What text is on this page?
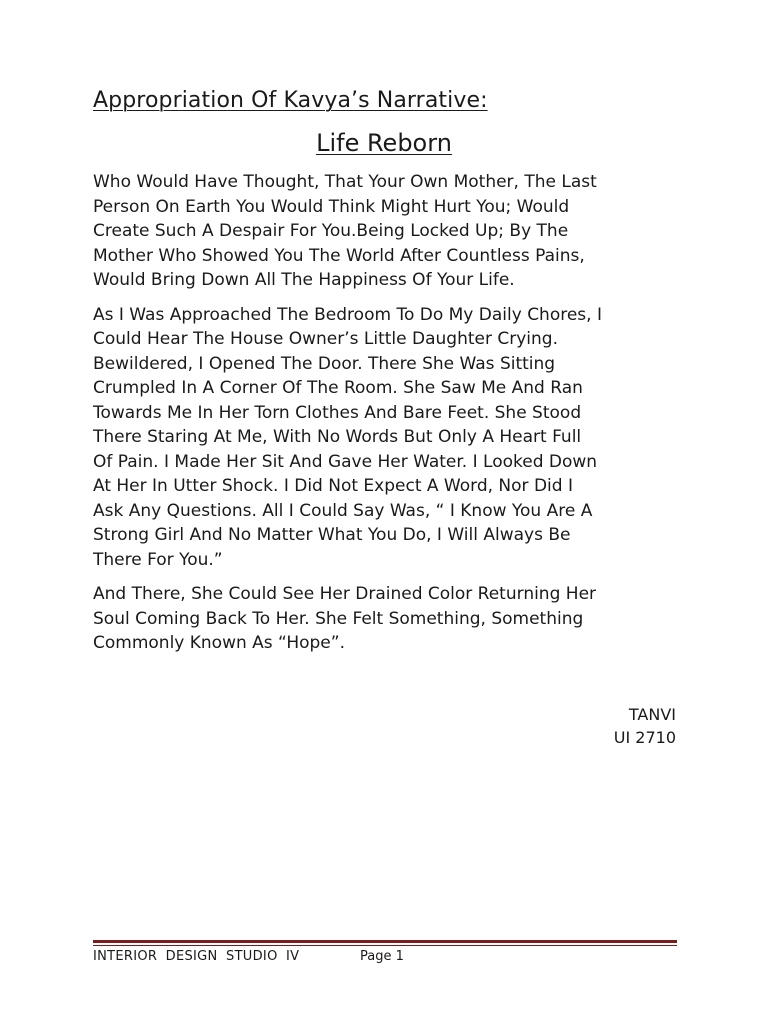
Appropriation Of Kavya’s Narrative:
Life Reborn

Who Would Have Thought, That Your Own Mother, The Last
Person On Earth You Would Think Might Hurt You; Would
Create Such A Despair For You.Being Locked Up; By The
Mother Who Showed You The World After Countless Pains,
Would Bring Down All The Happiness Of Your Life.

As I Was Approached The Bedroom To Do My Daily Chores, I
Could Hear The House Owner’s Little Daughter Crying.
Bewildered, I Opened The Door. There She Was Sitting
Crumpled In A Corner Of The Room. She Saw Me And Ran
Towards Me In Her Torn Clothes And Bare Feet. She Stood
There Staring At Me, With No Words But Only A Heart Full
Of Pain. I Made Her Sit And Gave Her Water. I Looked Down
At Her In Utter Shock. I Did Not Expect A Word, Nor Did I
Ask Any Questions. All I Could Say Was, “ I Know You Are A
Strong Girl And No Matter What You Do, I Will Always Be
There For You.”

And There, She Could See Her Drained Color Returning Her
Soul Coming Back To Her. She Felt Something, Something
Commonly Known As “Hope”.

TANVI
UI 2710
INTERIOR DESIGN STUDIO IV	Page 1
